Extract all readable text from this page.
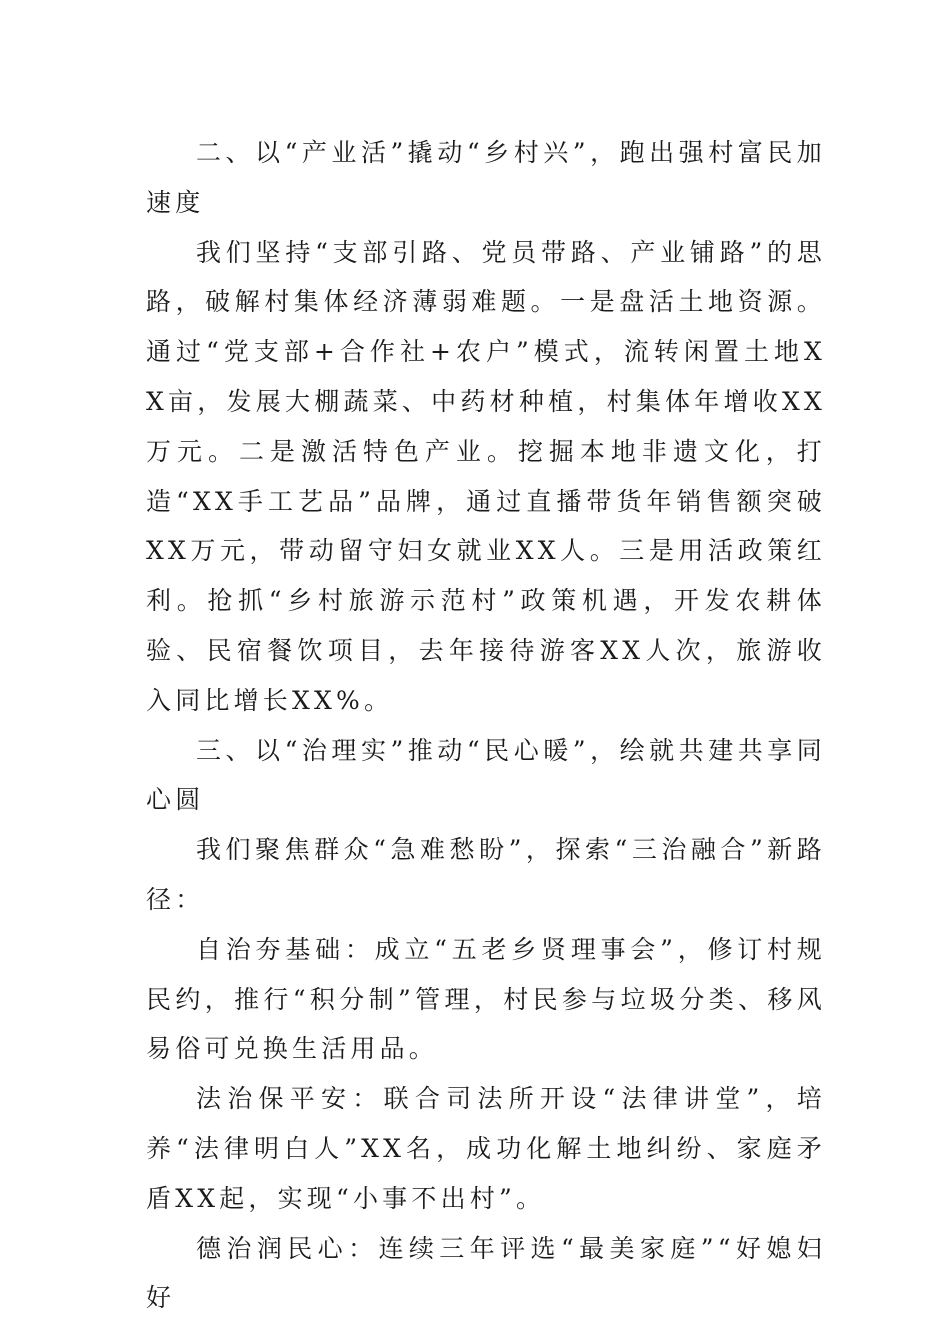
二、以“产业活”撬动“乡村兴”，跑出强村富民加速度

我们坚持“支部引路、党员带路、产业铺路”的思路，破解村集体经济薄弱难题。一是盘活土地资源。通过“党支部+合作社+农户”模式，流转闲置土地XX亩，发展大棚蔬菜、中药材种植，村集体年增收XX万元。二是激活特色产业。挖掘本地非遗文化，打造“XX手工艺品”品牌，通过直播带货年销售额突破XX万元，带动留守妇女就业XX人。三是用活政策红利。抢抓“乡村旅游示范村”政策机遇，开发农耕体验、民宿餐饮项目，去年接待游客XX人次，旅游收入同比增长XX%。

三、以“治理实”推动“民心暖”，绘就共建共享同心圆

我们聚焦群众“急难愁盼”，探索“三治融合”新路径：

自治夯基础：成立“五老乡贤理事会”，修订村规民约，推行“积分制”管理，村民参与垃圾分类、移风易俗可兑换生活用品。

法治保平安：联合司法所开设“法律讲堂”，培养“法律明白人”XX名，成功化解土地纠纷、家庭矛盾XX起，实现“小事不出村”。

德治润民心：连续三年评选“最美家庭”“好媳妇好
